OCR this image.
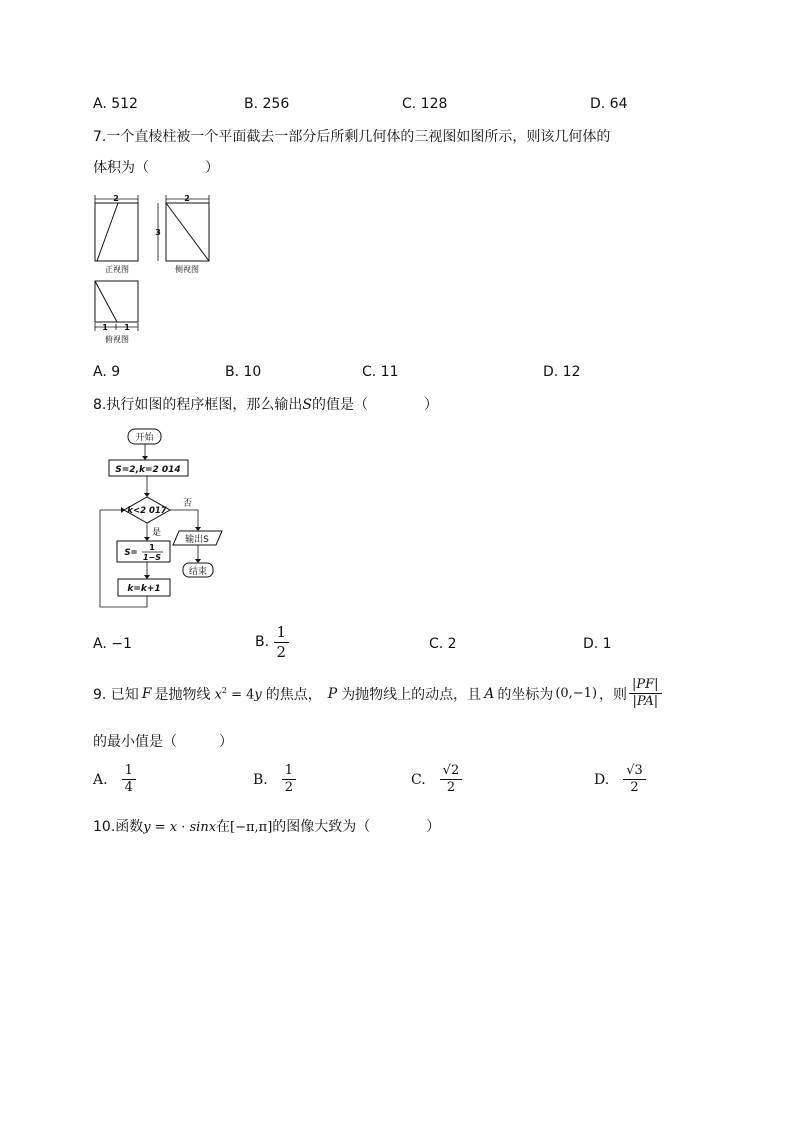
A. 512	B. 256	C. 128	D. 64
7.一个直棱柱被一个平面截去一部分后所剩几何体的三视图如图所示，则该几何体的
体积为（　　　　）
2
正视图
2
3
侧视图
1 1
俯视图
A. 9	B. 10	C. 11	D. 12
8.执行如图的程序框图，那么输出S的值是（　　　　）
开始
S=2,k=2 014
k<2 017
否
输出S
结束
是
S=
1
1−S
k=k+1
A. −1	B. $\frac{1}{2}$	C. 2	D. 1
9. 已知 F 是抛物线 $x^2 = 4y$ 的焦点， P 为抛物线上的动点，且 A 的坐标为 (0,−1) ，则 $\frac{|PF|}{|PA|}$
的最小值是（　　　）
A. $\frac{1}{4}$	B. $\frac{1}{2}$	C. $\frac{√2}{2}$	D. $\frac{√3}{2}$
10.函数y = x · sinx在[−π,π]的图像大致为（　　　　）
